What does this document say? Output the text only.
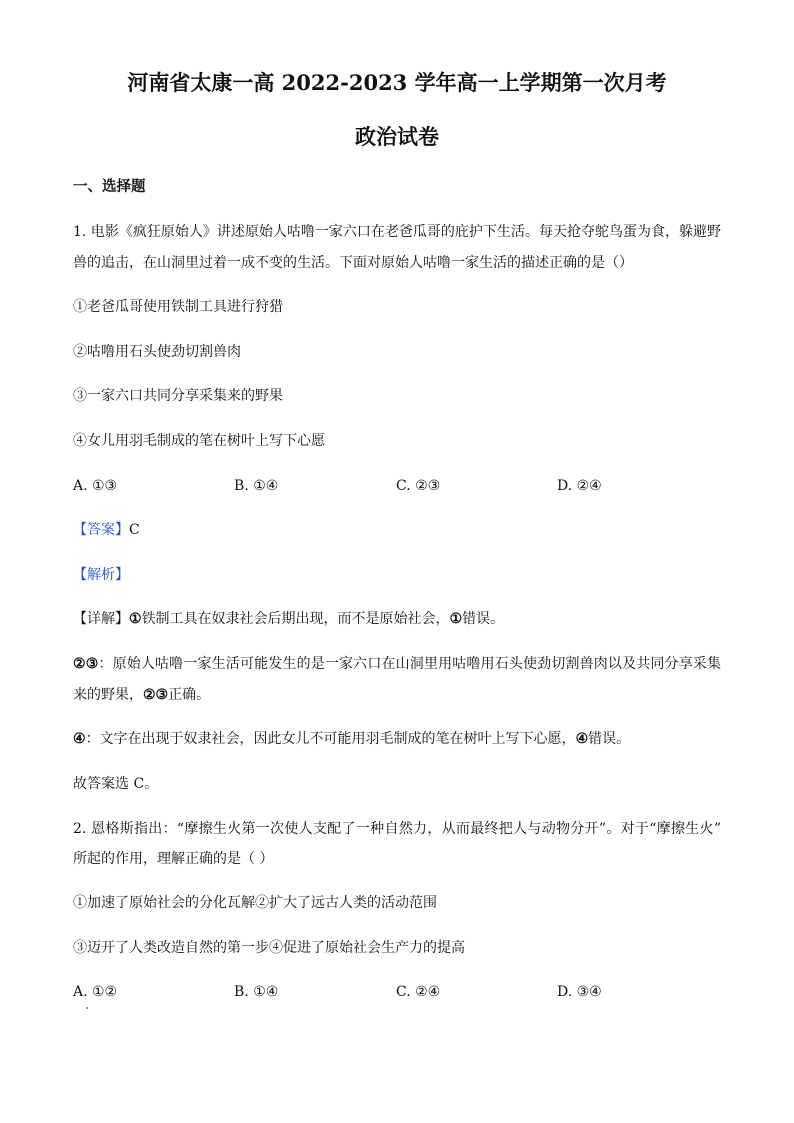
河南省太康一高 2022-2023 学年高一上学期第一次月考
政治试卷
一、选择题
1. 电影《疯狂原始人》讲述原始人咕噜一家六口在老爸瓜哥的庇护下生活。每天抢夺鸵鸟蛋为食，躲避野
兽的追击，在山洞里过着一成不变的生活。下面对原始人咕噜一家生活的描述正确的是（）
①老爸瓜哥使用铁制工具进行狩猎
②咕噜用石头使劲切割兽肉
③一家六口共同分享采集来的野果
④女儿用羽毛制成的笔在树叶上写下心愿
A. ①③	B. ①④	C. ②③	D. ②④
【答案】C
【解析】
【详解】①铁制工具在奴隶社会后期出现，而不是原始社会，①错误。
②③：原始人咕噜一家生活可能发生的是一家六口在山洞里用咕噜用石头使劲切割兽肉以及共同分享采集
来的野果，②③正确。
④：文字在出现于奴隶社会，因此女儿不可能用羽毛制成的笔在树叶上写下心愿，④错误。
故答案选 C。
2. 恩格斯指出：“摩擦生火第一次使人支配了一种自然力，从而最终把人与动物分开”。对于“摩擦生火”
所起的作用，理解正确的是（ ）
①加速了原始社会的分化瓦解②扩大了远古人类的活动范围
③迈开了人类改造自然的第一步④促进了原始社会生产力的提高
A. ①②	B. ①④	C. ②④	D. ③④
